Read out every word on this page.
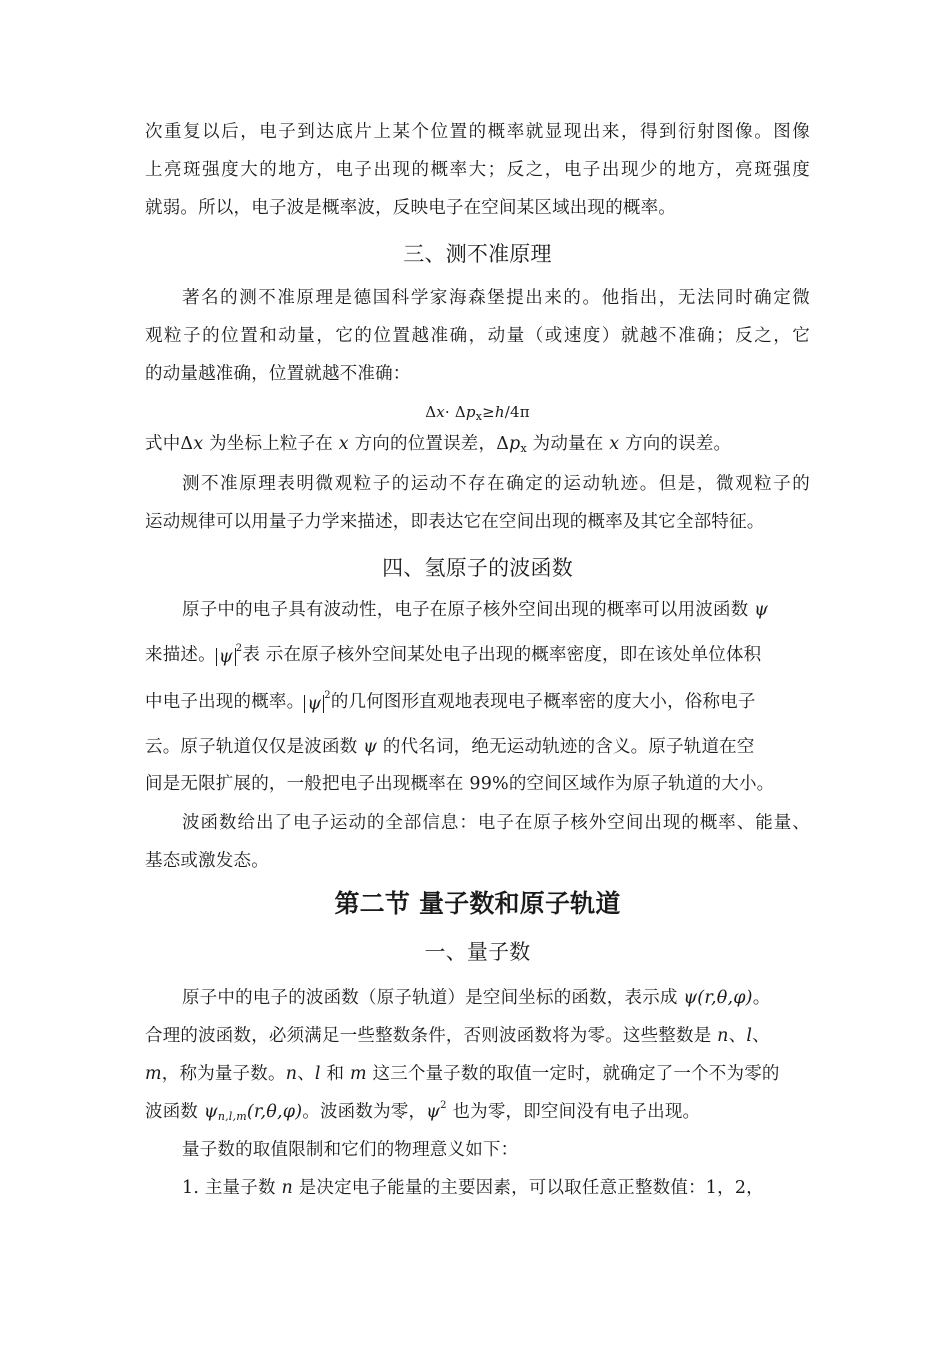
次重复以后，电子到达底片上某个位置的概率就显现出来，得到衍射图像。图像
上亮斑强度大的地方，电子出现的概率大；反之，电子出现少的地方，亮斑强度
就弱。所以，电子波是概率波，反映电子在空间某区域出现的概率。
三、测不准原理
著名的测不准原理是德国科学家海森堡提出来的。他指出，无法同时确定微
观粒子的位置和动量，它的位置越准确，动量（或速度）就越不准确；反之，它
的动量越准确，位置就越不准确：
$\Delta x\cdot \Delta p_x\ge h/4\pi$
式中Δx 为坐标上粒子在 x 方向的位置误差，$\Delta p_x$ 为动量在 x 方向的误差。
测不准原理表明微观粒子的运动不存在确定的运动轨迹。但是，微观粒子的
运动规律可以用量子力学来描述，即表达它在空间出现的概率及其它全部特征。
四、氢原子的波函数
原子中的电子具有波动性，电子在原子核外空间出现的概率可以用波函数 ψ
来描述。 ψ $^2$表 示在原子核外空间某处电子出现的概率密度，即在该处单位体积
中电子出现的概率。 ψ $^2$的几何图形直观地表现电子概率密的度大小，俗称电子
云。原子轨道仅仅是波函数 ψ 的代名词，绝无运动轨迹的含义。原子轨道在空
间是无限扩展的，一般把电子出现概率在 99%的空间区域作为原子轨道的大小。
波函数给出了电子运动的全部信息：电子在原子核外空间出现的概率、能量、
基态或激发态。
第二节 量子数和原子轨道
一、量子数
原子中的电子的波函数（原子轨道）是空间坐标的函数，表示成 ψ(r,θ,φ)。
合理的波函数，必须满足一些整数条件，否则波函数将为零。这些整数是 n、l、
m，称为量子数。n、l 和 m 这三个量子数的取值一定时，就确定了一个不为零的
波函数 $\psi_{n,l,m}(r,\theta,\varphi)$。波函数为零，$\psi^2$ 也为零，即空间没有电子出现。
量子数的取值限制和它们的物理意义如下：
1. 主量子数 n 是决定电子能量的主要因素，可以取任意正整数值：1，2，
